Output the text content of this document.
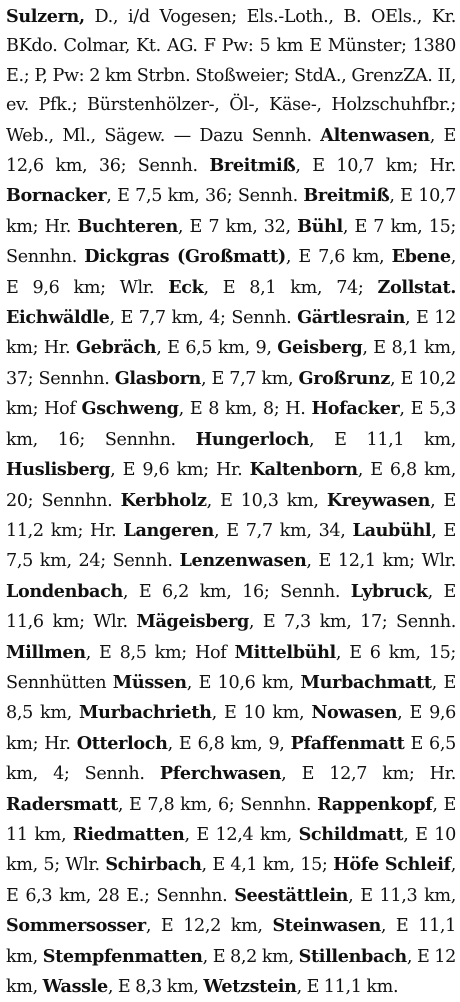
Sulzern, D., i/d Vogesen; Els.-Loth., B. OEls., Kr. BKdo. Colmar, Kt. AG. F Pw: 5 km E Münster; 1380 E.; P, Pw: 2 km Strbn. Stoßweier; StdA., GrenzZA. II, ev. Pfk.; Bürstenhölzer-, Öl-, Käse-, Holzschuhfbr.; Web., Ml., Sägew. — Dazu Sennh. Altenwasen, E 12,6 km, 36; Sennh. Breitmiß, E 10,7 km; Hr. Bornacker, E 7,5 km, 36; Sennh. Breitmiß, E 10,7 km; Hr. Buchteren, E 7 km, 32, Bühl, E 7 km, 15; Sennhn. Dickgras (Großmatt), E 7,6 km, Ebene, E 9,6 km; Wlr. Eck, E 8,1 km, 74; Zollstat. Eichwäldle, E 7,7 km, 4; Sennh. Gärtlesrain, E 12 km; Hr. Gebräch, E 6,5 km, 9, Geisberg, E 8,1 km, 37; Sennhn. Glasborn, E 7,7 km, Großrunz, E 10,2 km; Hof Gschweng, E 8 km, 8; H. Hofacker, E 5,3 km, 16; Sennhn. Hungerloch, E 11,1 km, Huslisberg, E 9,6 km; Hr. Kaltenborn, E 6,8 km, 20; Sennhn. Kerbholz, E 10,3 km, Kreywasen, E 11,2 km; Hr. Langeren, E 7,7 km, 34, Laubühl, E 7,5 km, 24; Sennh. Lenzenwasen, E 12,1 km; Wlr. Londenbach, E 6,2 km, 16; Sennh. Lybruck, E 11,6 km; Wlr. Mägeisberg, E 7,3 km, 17; Sennh. Millmen, E 8,5 km; Hof Mittelbühl, E 6 km, 15; Sennhütten Müssen, E 10,6 km, Murbachmatt, E 8,5 km, Murbachrieth, E 10 km, Nowasen, E 9,6 km; Hr. Otterloch, E 6,8 km, 9, Pfaffenmatt E 6,5 km, 4; Sennh. Pferchwasen, E 12,7 km; Hr. Radersmatt, E 7,8 km, 6; Sennhn. Rappenkopf, E 11 km, Riedmatten, E 12,4 km, Schildmatt, E 10 km, 5; Wlr. Schirbach, E 4,1 km, 15; Höfe Schleif, E 6,3 km, 28 E.; Sennhn. Seestättlein, E 11,3 km, Sommersosser, E 12,2 km, Steinwasen, E 11,1 km, Stempfenmatten, E 8,2 km, Stillenbach, E 12 km, Wassle, E 8,3 km, Wetzstein, E 11,1 km.
